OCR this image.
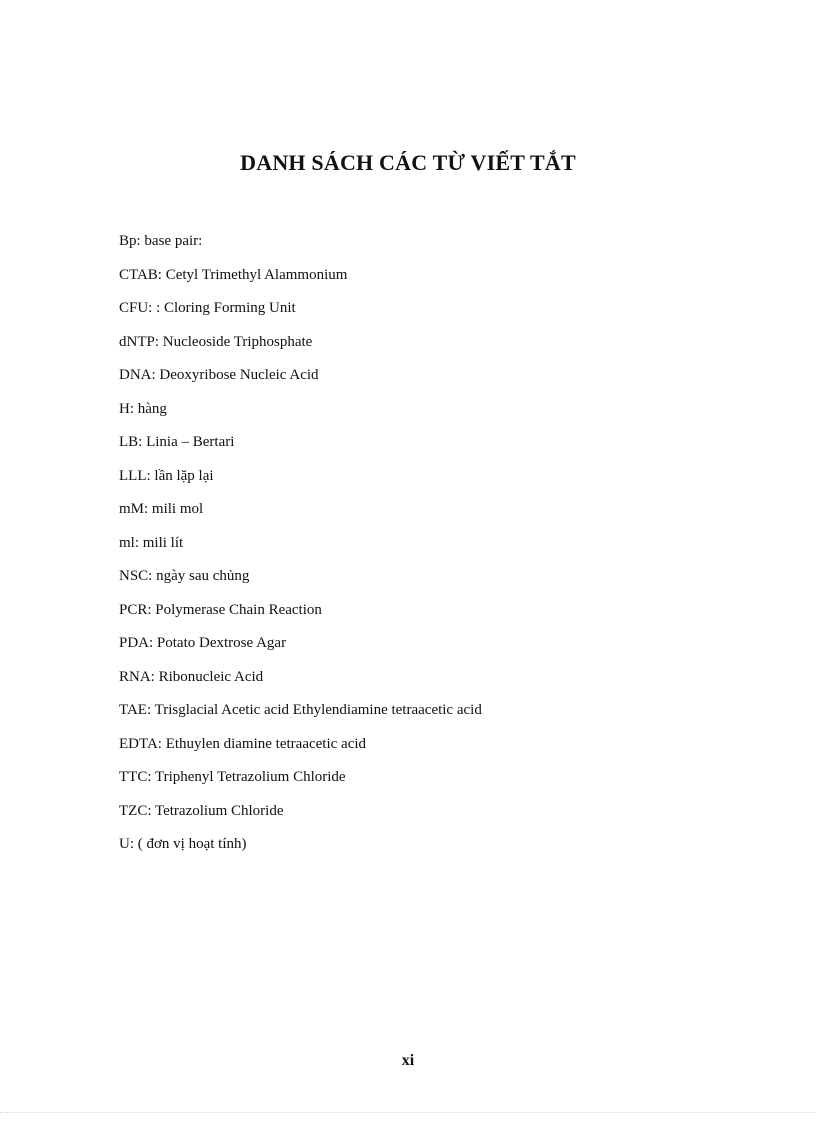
DANH SÁCH CÁC TỪ VIẾT TẮT
Bp: base pair:
CTAB: Cetyl Trimethyl Alammonium
CFU: : Cloring Forming Unit
dNTP: Nucleoside Triphosphate
DNA: Deoxyribose Nucleic Acid
H: hàng
LB: Linia – Bertari
LLL: lần lặp lại
mM: mili mol
ml: mili lít
NSC: ngày sau chủng
PCR: Polymerase Chain Reaction
PDA: Potato Dextrose Agar
RNA: Ribonucleic Acid
TAE: Trisglacial Acetic acid Ethylendiamine tetraacetic acid
EDTA: Ethuylen diamine tetraacetic acid
TTC: Triphenyl Tetrazolium Chloride
TZC: Tetrazolium Chloride
U: ( đơn vị hoạt tính)
xi
